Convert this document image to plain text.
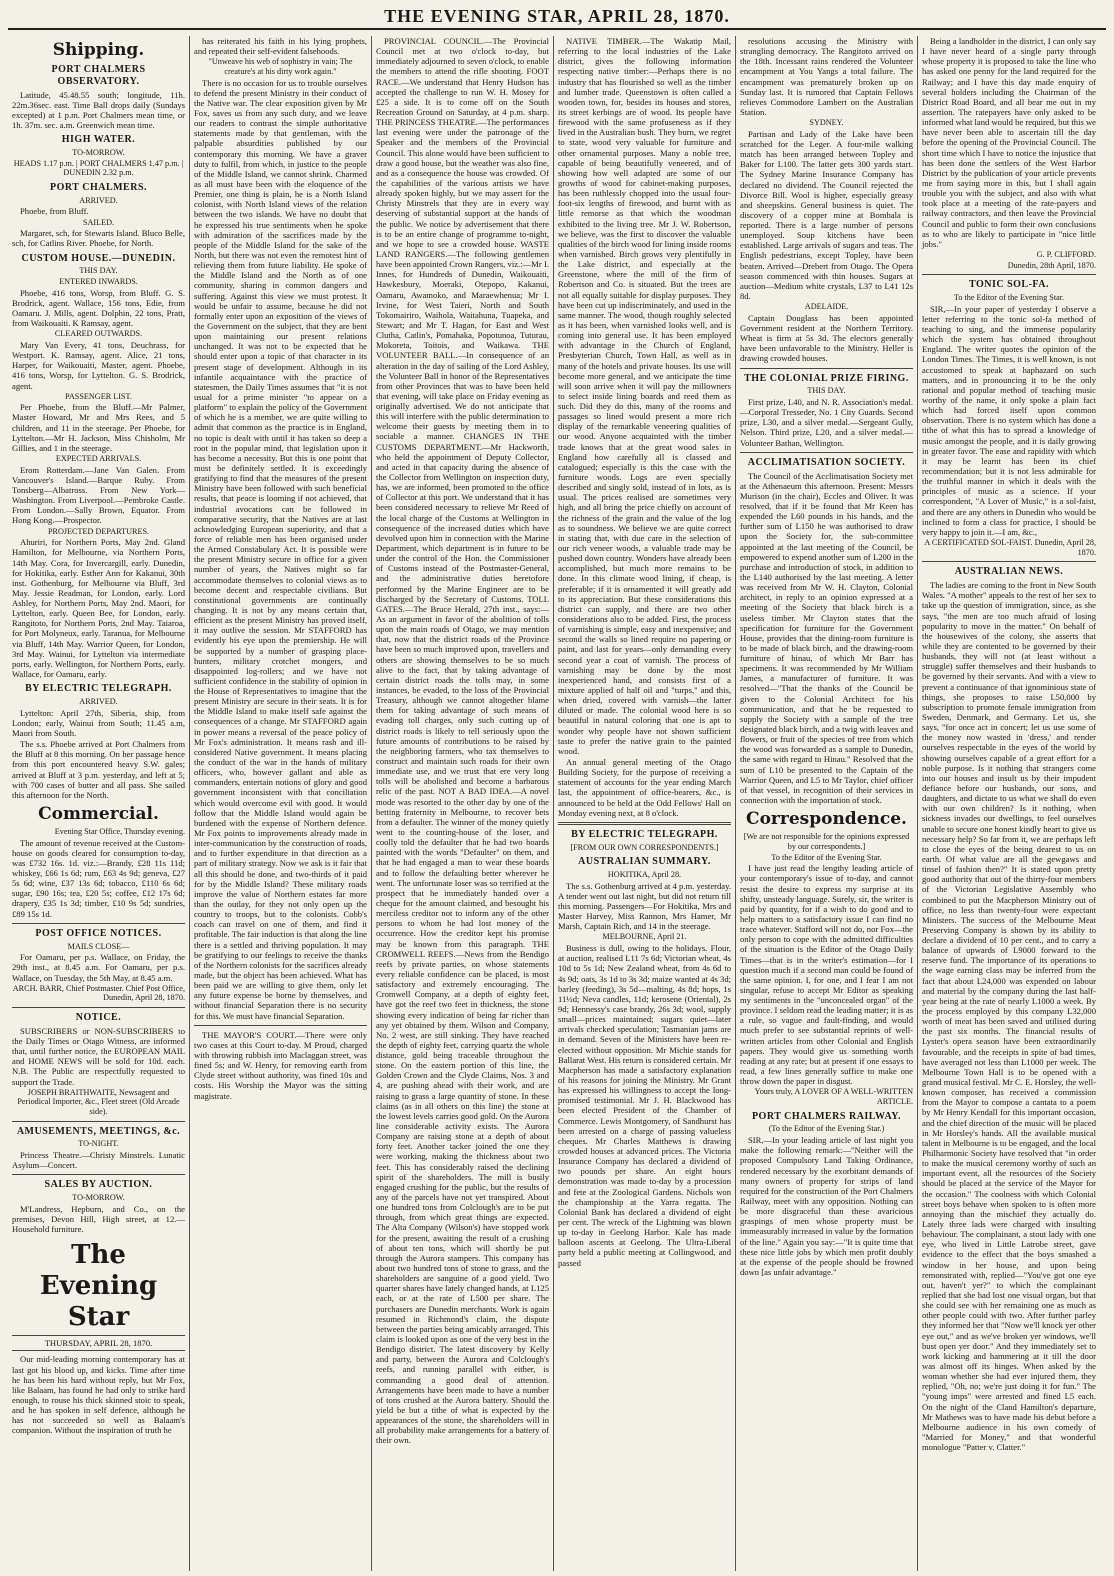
THE EVENING STAR, APRIL 28, 1870.
Shipping.
PORT CHALMERS OBSERVATORY.

Latitude, 45.48.55 south; longitude, 11h. 22m.36sec. east. Time Ball drops daily (Sundays excepted) at 1 p.m. Port Chalmers mean time, or 1h. 37m. sec. a.m. Greenwich mean time.

HIGH WATER.
TO-MORROW.
HEADS 1.17 p.m. | PORT CHALMERS 1.47 p.m. | DUNEDIN 2.32 p.m.
PORT CHALMERS.
ARRIVED.

Phoebe, from Bluff.

SAILED.

Margaret, sch, for Stewarts Island. Bluco Belle, sch, for Catlins River. Phoebe, for North.

CUSTOM HOUSE.—DUNEDIN.
THIS DAY.
ENTERED INWARDS.

Phoebe, 416 tons, Worsp, from Bluff. G. S. Brodrick, agent. Wallace, 156 tons, Edie, from Oamaru. J. Mills, agent. Dolphin, 22 tons, Pratt, from Waikouaiti. K Ramsay, agent.

CLEARED OUTWARDS.

Mary Van Every, 41 tons, Deuchrass, for Westport. K. Ramsay, agent. Alice, 21 tons, Harper, for Waikouaiti, Master, agent. Phoebe, 416 tons, Worsp, for Lyttelton. G. S. Brodrick, agent.

PASSENGER LIST.

Per Phoebe, from the Bluff.—Mr Palmer, Master Howard, Mr and Mrs Rees, and 5 children, and 11 in the steerage. Per Phoebe, for Lyttelton.—Mr H. Jackson, Miss Chisholm, Mr Gillies, and 1 in the steerage.

EXPECTED ARRIVALS.

Erom Rotterdam.—Jane Van Galen. From Vancouver's Island.—Barque Ruby. From Tonsberg—Albatross. From New York—Washington. From Liverpool.—Pembroke Castle. From London.—Sally Brown, Equator. From Hong Kong.—Prospector.

PROJECTED DEPARTURES.

Ahuriri, for Northern Ports, May 2nd. Gland Hamilton, for Melbourne, via Northern Ports, 14th May. Cora, for Invercargill, early. Dunedin, for Hokitika, early. Esther Ann for Kakanui, 30th inst. Gothenburg, for Melbourne via Bluff, 3rd May. Jessie Readman, for London, early. Lord Ashley, for Northern Ports, May 2nd. Maori, for Lyttelton, early. Queen Bee, for London, early. Rangitoto, for Northern Ports, 2nd May. Taiaroa, for Port Molyneux, early. Taranua, for Melbourne via Bluff, 14th May. Warrior Queen, for London, 3rd May. Wainui, for Lyttelton via intermediate ports, early. Wellington, for Northern Ports, early. Wallace, for Oamaru, early.

BY ELECTRIC TELEGRAPH.
ARRIVED.

Lyttelton: April 27th, Siberia, ship, from London; early, Wainui from South; 11.45 a.m, Maori from South.

The s.s. Phoebe arrived at Port Chalmers from the Bluff at 8 this morning. On her passage hence from this port encountered heavy S.W. gales; arrived at Bluff at 3 p.m. yesterday, and left at 5; with 700 cases of butter and all pass. She sailed this afternoon for the North.

Commercial.
Evening Star Office, Thursday evening.

The amount of revenue received at the Custom-house on goods cleared for consumption to-day, was £732 16s. 1d. viz.:—Brandy, £28 11s 11d; whiskey, £66 1s 6d; rum, £63 4s 9d; geneva, £27 5s 6d; wine, £37 13s 6d; tobacco, £110 6s 6d; sugar, £90 16s; tea, £20 5s; coffee, £12 17s 6d; drapery, £35 1s 3d; timber, £10 9s 5d; sundries, £89 15s 1d.

POST OFFICE NOTICES.
MAILS CLOSE—

For Oamaru, per p.s. Wallace, on Friday, the 29th inst., at 8.45 a.m. For Oamaru, per p.s. Wallace, on Tuesday, the 5th May, at 8.45 a.m.

ARCH. BARR, Chief Postmaster. Chief Post Office, Dunedin, April 28, 1870.
NOTICE.

SUBSCRIBERS or NON-SUBSCRIBERS to the Daily Times or Otago Witness, are informed that, until further notice, the EUROPEAN MAIL and HOME NEWS will be sold for 10d. each. N.B. The Public are respectfully requested to support the Trade.

JOSEPH BRAITHWAITE, Newsagent and Periodical Importer, &c., Fleet street (Old Arcade side).
AMUSEMENTS, MEETINGS, &c.
TO-NIGHT.

Princess Theatre.—Christy Minstrels. Lunatic Asylum—Concert.

SALES BY AUCTION.
TO-MORROW.

M'Landress, Hepburn, and Co., on the premises, Devon Hill, High street, at 12.—Household furniture.

The Evening Star
THURSDAY, APRIL 28, 1870.

Our mid-leading morning contemporary has at last got his blood up, and kicks. Time after time he has been his hard without reply, but Mr Fox, like Balaam, has found he had only to strike hard enough, to rouse his thick skinned stoic to speak, and he has spoken in self defence, although he has not succeeded so well as Balaam's companion. Without the inspiration of truth he

has reiterated his faith in his lying prophets, and repeated their self-evident falsehoods.

"Unweave his web of sophistry in vain; The creature's at his dirty work again."

There is no occasion for us to trouble ourselves to defend the present Ministry in their conduct of the Native war. The clear exposition given by Mr Fox, saves us from any such duty, and we leave our readers to contrast the simple authoritative statements made by that gentleman, with the palpable absurdities published by our contemporary this morning. We have a graver duty to fulfil, from which, in justice to the people of the Middle Island, we cannot shrink. Charmed as all must have been with the eloquence of the Premier, one thing is plain, he is a North Island colonist, with North Island views of the relation between the two islands. We have no doubt that he expressed his true sentiments when he spoke with admiration of the sacrifices made by the people of the Middle Island for the sake of the North, but there was not even the remotest hint of relieving them from future liability. He spoke of the Middle Island and the North as of one community, sharing in common dangers and suffering. Against this view we must protest. It would be unfair to assume, because he did not formally enter upon an exposition of the views of the Government on the subject, that they are bent upon maintaining our present relations unchanged. It was not to be expected that he should enter upon a topic of that character in its present stage of development. Although in its infantile acquaintance with the practice of statesmen, the Daily Times assumes that "it is not usual for a prime minister "to appear on a platform" to explain the policy of the Government of which he is a member, we are quite willing to admit that common as the practice is in England, no topic is dealt with until it has taken so deep a root in the popular mind, that legislation upon it has become a necessity. But this is one point that must be definitely settled. It is exceedingly gratifying to find that the measures of the present Ministry have been followed with such beneficial results, that peace is looming if not achieved, that industrial avocations can be followed in comparative security, that the Natives are at last acknowledging European superiority, and that a force of reliable men has been organised under the Armed Constabulary Act. It is possible were the present Ministry secure in office for a given number of years, the Natives might so far accommodate themselves to colonial views as to become decent and respectable civilians. But constitutional governments are continually changing. It is not by any means certain that, efficient as the present Ministry has proved itself, it may outlive the session. Mr STAFFORD has evidently his eye upon the premiership. He will be supported by a number of grasping place-hunters, military crotchet mongers, and disappointed log-rollers; and we have not sufficient confidence in the stability of opinion in the House of Representatives to imagine that the present Ministry are secure in their seats. It is for the Middle Island to make itself safe against the consequences of a change. Mr STAFFORD again in power means a reversal of the peace policy of Mr Fox's administration. It means rash and ill-considered Native government. It means placing the conduct of the war in the hands of military officers, who, however gallant and able as commanders, entertain notions of glory and good government inconsistent with that conciliation which would overcome evil with good. It would follow that the Middle Island would again be burdened with the expense of Northern defence. Mr Fox points to improvements already made in inter-communication by the construction of roads, and to further expenditure in that direction as a part of military strategy. Now we ask is it fair that all this should be done, and two-thirds of it paid for by the Middle Island? These military roads improve the value of Northern estates far more than the outlay, for they not only open up the country to troops, but to the colonists. Cobb's coach can travel on one of them, and find it profitable. The fair induction is that along the line there is a settled and thriving population. It may be gratifying to our feelings to receive the thanks of the Northern colonists for the sacrifices already made, but the object has been achieved. What has been paid we are willing to give them, only let any future expense be borne by themselves, and without financial Separation there is no security for this. We must have financial Separation.

THE MAYOR'S COURT.—There were only two cases at this Court to-day. M Proud, charged with throwing rubbish into Maclaggan street, was fined 5s; and W. Henry, for removing earth from Clyde street without authority, was fined 10s and costs. His Worship the Mayor was the sitting magistrate.

PROVINCIAL COUNCIL.—The Provincial Council met at two o'clock to-day, but immediately adjourned to seven o'clock, to enable the members to attend the rifle shooting. FOOT RACE.—We understand that Henry Hudson has accepted the challenge to run W. H. Mosey for £25 a side. It is to come off on the South Recreation Ground on Saturday, at 4 p.m. sharp. THE PRINCESS THEATRE.—The performances last evening were under the patronage of the Speaker and the members of the Provincial Council. This alone would have been sufficient to draw a good house, but the weather was also fine, and as a consequence the house was crowded. Of the capabilities of the various artists we have already spoken highly, but we may assert for the Christy Minstrels that they are in every way deserving of substantial support at the hands of the public. We notice by advertisement that there is to be an entire change of programme to-night, and we hope to see a crowded house. WASTE LAND RANGERS.—The following gentlemen have been appointed Crown Rangers, viz.:—Mr I. Innes, for Hundreds of Dunedin, Waikouaiti, Hawkesbury, Moeraki, Otepopo, Kakanui, Oamaru, Awamoko, and Maraewhenua; Mr I. Irvine, for West Taieri, North and South Tokomairiro, Waihola, Waitahuna, Tuapeka, and Stewart; and Mr T. Hagan, for East and West Clutha, Catlin's, Pomahaka, Popotunoa, Tuturau, Mokoreta, Toitois, and Waikawa. THE VOLUNTEER BALL.—In consequence of an alteration in the day of sailing of the Lord Ashley, the Volunteer Ball in honor of the Representatives from other Provinces that was to have been held that evening, will take place on Friday evening as originally advertised. We do not anticipate that this will interfere with the public determination to welcome their guests by meeting them in to sociable a manner. CHANGES IN THE CUSTOMS DEPARTMENT.—Mr Hackworth, who held the appointment of Deputy Collector, and acted in that capacity during the absence of the Collector from Wellington on inspection duty, has, we are informed, been promoted to the office of Collector at this port. We understand that it has been considered necessary to relieve Mr Reed of the local charge of the Customs at Wellington in consequence of the increased duties which have devolved upon him in connection with the Marine Department, which department is in future to be under the control of the Hon. the Commissioner of Customs instead of the Postmaster-General, and the administrative duties heretofore performed by the Marine Engineer are to be discharged by the Secretary of Customs. TOLL GATES.—The Bruce Herald, 27th inst., says:—As an argument in favor of the abolition of tolls upon the main roads of Otago, we may mention that, now that the district roads of the Province have been so much improved upon, travellers and others are showing themselves to be so much alive to the fact, that by taking advantage of certain district roads the tolls may, in some instances, be evaded, to the loss of the Provincial Treasury, although we cannot altogether blame them for taking advantage of such means of evading toll charges, only such cutting up of district roads is likely to tell seriously upon the future amounts of contributions to be raised by the neighboring farmers, who tax themselves to construct and maintain such roads for their own immediate use, and we trust that ere very long tolls will be abolished and become a barbarous relic of the past. NOT A BAD IDEA.—A novel mode was resorted to the other day by one of the betting fraternity in Melbourne, to recover bets from a defaulter. The winner of the money quietly went to the counting-house of the loser, and coolly told the defaulter that he had two boards painted with the words "Defaulter" on them, and that he had engaged a man to wear these boards and to follow the defaulting better wherever he went. The unfortunate loser was so terrified at the prospect that he immediately handed over a cheque for the amount claimed, and besought his merciless creditor not to inform any of the other persons to whom he had lost money of the occurrence. How the creditor kept his promise may be known from this paragraph. THE CROMWELL REEFS.—News from the Bendigo reefs by private parties, on whose statements every reliable confidence can be placed, is most satisfactory and extremely encouraging. The Cromwell Company, at a depth of eighty feet, have got the reef two feet in thickness, the stone showing every indication of being far richer than any yet obtained by them. Wilson and Company, No. 2 west, are still sinking. They have reached the depth of eighty feet, carrying quartz the whole distance, gold being traceable throughout the stone. On the eastern portion of this line, the Golden Crown and the Clyde Claims, Nos. 3 and 4, are pushing ahead with their work, and are raising to grass a large quantity of stone. In these claims (as in all others on this line) the stone at the lowest levels carries good gold. On the Aurora line considerable activity exists. The Aurora Company are raising stone at a depth of about forty feet. Another tacker joined the one they were working, making the thickness about two feet. This has considerably raised the declining spirit of the shareholders. The mill is busily engaged crushing for the public, but the results of any of the parcels have not yet transpired. About one hundred tons from Colclough's are to be put through, from which great things are expected. The Alta Company (Wilson's) have stopped work for the present, awaiting the result of a crushing of about ten tons, which will shortly be put through the Aurora stampers. This company has about two hundred tons of stone to grass, and the shareholders are sanguine of a good yield. Two quarter shares have lately changed hands, at L125 each, or at the rate of L500 per share. The purchasers are Dunedin merchants. Work is again resumed in Richmond's claim, the dispute between the parties being amicably arranged. This claim is looked upon as one of the very best in the Bendigo district. The latest discovery by Kelly and party, between the Aurora and Colclough's reefs, and running parallel with either, is commanding a good deal of attention. Arrangements have been made to have a number of tons crushed at the Aurora battery. Should the yield be but a tithe of what is expected by the appearances of the stone, the shareholders will in all probability make arrangements for a battery of their own.

NATIVE TIMBER.—The Wakatip Mail, referring to the local industries of the Lake district, gives the following information respecting native timber:—Perhaps there is no industry that has flourished so well as the timber and lumber trade. Queenstown is often called a wooden town, for, besides its houses and stores, its street kerbings are of wood. Its people have firewood with the same profuseness as if they lived in the Australian bush. They burn, we regret to state, wood very valuable for furniture and other ornamental purposes. Many a noble tree, capable of being beautifully veneered, and of showing how well adapted are some of our growths of wood for cabinet-making purposes, has been ruthlessly chopped into the usual four-foot-six lengths of firewood, and burnt with as little remorse as that which the woodman exhibited to the living tree. Mr J. W. Robertson, we believe, was the first to discover the valuable qualities of the birch wood for lining inside rooms when varnished. Birch grows very plentifully in the Lake district, and especially at the Greenstone, where the mill of the firm of Robertson and Co. is situated. But the trees are not all equally suitable for display purposes. They have been cut up indiscriminately, and used in the same manner. The wood, though roughly selected as it has been, when varnished looks well, and is coming into general use. It has been employed with advantage in the Church of England, Presbyterian Church, Town Hall, as well as in many of the hotels and private houses. Its use will become more general, and we anticipate the time will soon arrive when it will pay the millowners to select inside lining boards and reed them as such. Did they do this, many of the rooms and passages so lined would present a more rich display of the remarkable veneering qualities of our wood. Anyone acquainted with the timber trade knows that at the great wood sales in England how carefully all is classed and catalogued; especially is this the case with the furniture woods. Logs are even specially described and singly sold, instead of in lots, as is usual. The prices realised are sometimes very high, and all bring the price chiefly on account of the richness of the grain and the value of the log as to soundness. We believe we are quite correct in stating that, with due care in the selection of our rich veneer woods, a valuable trade may be pushed down country. Wonders have already been accomplished, but much more remains to be done. In this climate wood lining, if cheap, is preferable; if it is ornamented it will greatly add to its appreciation. But these considerations this district can supply, and there are two other considerations also to be added. First, the process of varnishing is simple, easy and inexpensive; and second the walls so lined require no papering or paint, and last for years—only demanding every second year a coat of varnish. The process of varnishing may be done by the most inexperienced hand, and consists first of a mixture applied of half oil and "turps," and this, when dried, covered with varnish—the latter diluted or made. The colonial wood here is so beautiful in natural coloring that one is apt to wonder why people have not shown sufficient taste to prefer the native grain to the painted wood.

An annual general meeting of the Otago Building Society, for the purpose of receiving a statement of accounts for the year ending March last, the appointment of office-bearers, &c., is announced to be held at the Odd Fellows' Hall on Monday evening next, at 8 o'clock.

BY ELECTRIC TELEGRAPH.
[FROM OUR OWN CORRESPONDENTS.]
AUSTRALIAN SUMMARY.
HOKITIKA, April 28.

The s.s. Gothenburg arrived at 4 p.m. yesterday. A tender went out last night, but did not return till this morning. Passengers—For Hokitika, Mrs and Master Harvey, Miss Rannon, Mrs Hamer, Mr Marsh, Captain Rich, and 14 in the steerage.

MELBOURNE, April 21.

Business is dull, owing to the holidays. Flour, at auction, realised L11 7s 6d; Victorian wheat, 4s 10d to 5s 1d; New Zealand wheat, from 4s 6d to 4s 9d; oats, 3s 1d to 3s 3d; maize wanted at 4s 3d; barley (feeding), 3s 5d—malting, 4s 8d; hops, 1s 11½d; Neva candles, 11d; kerosene (Oriental), 2s 9d; Hennessy's case brandy, 26s 3d; wool, supply small—prices maintained; sugars quiet—later arrivals checked speculation; Tasmanian jams are in demand. Seven of the Ministers have been re-elected without opposition. Mr Michie stands for Ballarat West. His return is considered certain. Mr Macpherson has made a satisfactory explanation of his reasons for joining the Ministry. Mr Grant has expressed his willingness to accept the long-promised testimonial. Mr J. H. Blackwood has been elected President of the Chamber of Commerce. Lewis Montgomery, of Sandhurst has been arrested on a charge of passing valueless cheques. Mr Charles Matthews is drawing crowded houses at advanced prices. The Victoria Insurance Company has declared a dividend of two pounds per share. An eight hours demonstration was made to-day by a procession and fete at the Zoological Gardens. Nichols won the championship at the Yarra regatta. The Colonial Bank has declared a dividend of eight per cent. The wreck of the Lightning was blown up to-day in Geelong Harbor. Kale has made balloon ascents at Geelong. The Ultra-Liberal party held a public meeting at Collingwood, and passed

resolutions accusing the Ministry with strangling democracy. The Rangitoto arrived on the 18th. Incessant rains rendered the Volunteer encampment at You Yangs a total failure. The encampment was prematurely broken up on Sunday last. It is rumored that Captain Fellows relieves Commodore Lambert on the Australian Station.

SYDNEY.

Partisan and Lady of the Lake have been scratched for the Leger. A four-mile walking match has been arranged between Topley and Baker for L100. The latter gets 300 yards start. The Sydney Marine Insurance Company has declared no dividend. The Council rejected the Divorce Bill. Wool is higher, especially greasy and sheepskins. General business is quiet. The discovery of a copper mine at Bombala is reported. There is a large number of persons unemployed. Soup kitchens have been established. Large arrivals of sugars and teas. The English pedestrians, except Topley, have been beaten. Arrived—Drebert from Otago. The Opera season commenced with thin houses. Sugars at auction—Medium white crystals, L37 to L41 12s 8d.

ADELAIDE.

Captain Douglass has been appointed Government resident at the Northern Territory. Wheat is firm at 5s 3d. The electors generally have been unfavorable to the Ministry. Heller is drawing crowded houses.

THE COLONIAL PRIZE FIRING.
THIS DAY.

First prize, L40, and N. R. Association's medal.—Corporal Tresseder, No. 1 City Guards. Second prize, L30, and a silver medal.—Sergeant Gully, Nelson. Third prize, L20, and a silver medal.—Volunteer Bathan, Wellington.

ACCLIMATISATION SOCIETY.

The Council of the Acclimatisation Society met at the Athenaeum this afternoon. Present: Messrs Murison (in the chair), Eccles and Oliver. It was resolved, that if it be found that Mr Keen has expended the L60 pounds in his hands, and the further sum of L150 he was authorised to draw upon the Society for, the sub-committee appointed at the last meeting of the Council, be empowered to expend another sum of L200 in the purchase and introduction of stock, in addition to the L140 authorised by the last meeting. A letter was received from Mr W. H. Clayton, Colonial architect, in reply to an opinion expressed at a meeting of the Society that black birch is a useless timber. Mr Clayton states that the specification for furniture for the Government House, provides that the dining-room furniture is to be made of black birch, and the drawing-room furniture of hinau, of which Mr Barr has specimens. It was recommended by Mr William James, a manufacturer of furniture. It was resolved—"That the thanks of the Council be given to the Colonial Architect for his communication, and that he be requested to supply the Society with a sample of the tree designated black birch, and a twig with leaves and flowers, or fruit of the species of tree from which the wood was forwarded as a sample to Dunedin, the same with regard to Hinau." Resolved that the sum of L10 be presented to the Captain of the Warrior Queen, and L5 to Mr Taylor, chief officer of that vessel, in recognition of their services in connection with the importation of stock.

Correspondence.
[We are not responsible for the opinions expressed by our correspondents.]
To the Editor of the Evening Star.

I have just read the lengthy leading article of your contemporary's issue of to-day, and cannot resist the desire to express my surprise at its shifty, unsteady language. Surely, sir, the writer is paid by quantity, for if a wish to do good and to help matters to a satisfactory issue I can find no trace whatever. Stafford will not do, nor Fox—the only person to cope with the admitted difficulties of the situation is the Editor of the Otago Daily Times—that is in the writer's estimation—for I question much if a second man could be found of the same opinion. I, for one, and I fear I am not singular, refuse to accept Mr Editor as speaking my sentiments in the "unconcealed organ" of the province. I seldom read the leading matter; it is as a rule, so vague and fault-finding, and would much prefer to see substantial reprints of well-written articles from other Colonial and English papers. They would give us something worth reading at any rate; but at present if one essays to read, a few lines generally suffice to make one throw down the paper in disgust.

Yours truly, A LOVER OF A WELL-WRITTEN ARTICLE.
PORT CHALMERS RAILWAY.
(To the Editor of the Evening Star.)

SIR,—In your leading article of last night you make the following remark:—"Neither will the proposed Compulsory Land Taking Ordinance, rendered necessary by the exorbitant demands of many owners of property for strips of land required for the construction of the Port Chalmers Railway, meet with any opposition. Nothing can be more disgraceful than these avaricious graspings of men whose property must be immeasurably increased in value by the formation of the line." Again you say:—"It is quite time that these nice little jobs by which men profit doubly at the expense of the people should be frowned down [as unfair advantage."

Being a landholder in the district, I can only say I have never heard of a single party through whose property it is proposed to take the line who has asked one penny for the land required for the Railway; and I have this day made enquiry of several holders including the Chairman of the District Road Board, and all bear me out in my assertion. The ratepayers have only asked to be informed what land would be required, but this we have never been able to ascertain till the day before the opening of the Provincial Council. The short time which I have to notice the injustice that has been done the settlers of the West Harbor District by the publication of your article prevents me from saying more in this, but I shall again trouble you with the subject, and also with what took place at a meeting of the rate-payers and railway contractors, and then leave the Provincial Council and public to form their own conclusions as to who are likely to participate in "nice little jobs."

G. P. CLIFFORD.
Dunedin, 28th April, 1870.
TONIC SOL-FA.
To the Editor of the Evening Star.

SIR,—In your paper of yesterday I observe a letter referring to the tonic sol-fa method of teaching to sing, and the immense popularity which the system has obtained throughout England. The writer quotes the opinion of the London Times. The Times, it is well known, is not accustomed to speak at haphazard on such matters, and in pronouncing it to be the only rational and popular method of teaching music worthy of the name, it only spoke a plain fact which had forced itself upon common observation. There is no system which has done a tithe of what this has to spread a knowledge of music amongst the people, and it is daily growing in greater favor. The ease and rapidity with which it may be learnt has been its chief recommendation; but it is not less admirable for the truthful manner in which it deals with the principles of music as a science. If your correspondent, "A Lover of Music," is a sol-faist, and there are any others in Dunedin who would be inclined to form a class for practice, I should be very happy to join it.—I am, &c.,

A CERTIFICATED SOL-FAIST. Dunedin, April 28, 1870.
AUSTRALIAN NEWS.

The ladies are coming to the front in New South Wales. "A mother" appeals to the rest of her sex to take up the question of immigration, since, as she says, "the men are too much afraid of losing popularity to move in the matter." On behalf of the housewives of the colony, she asserts that while they are contented to be governed by their husbands, they will not (at least without a struggle) suffer themselves and their husbands to be governed by their servants. And with a view to prevent a continuance of that ignominious state of things, she proposes to raise L50,000 by subscription to promote female immigration from Sweden, Denmark, and Germany. Let us, she says, "for once act in concert; let us use some of the money now wasted in 'dress,' and render ourselves respectable in the eyes of the world by showing ourselves capable of a great effort for a noble purpose. Is it nothing that strangers come into our houses and insult us by their impudent defiance before our husbands, our sons, and daughters, and dictate to us what we shall do even with our own children? Is it nothing, when sickness invades our dwellings, to feel ourselves unable to secure one honest kindly heart to give us necessary help? So far from it, we are perhaps left to close the eyes of the being dearest to us on earth. Of what value are all the gewgaws and tinsel of fashion then?" It is stated upon pretty good authority that out of the thirty-four members of the Victorian Legislative Assembly who combined to put the Macpherson Ministry out of office, no less than twenty-four were expectant Ministers. The success of the Melbourne Meat Preserving Company is shown by its ability to declare a dividend of 10 per cent., and to carry a balance of upwards of L9000 forward to the reserve fund. The importance of its operations to the wage earning class may be inferred from the fact that about L24,000 was expended on labour and material by the company during the last half-year being at the rate of nearly L1000 a week. By the process employed by this company L32,000 worth of meat has been saved and utilised during the past six months. The financial results of Lyster's opera season have been extraordinarily favourable, and the receipts in spite of bad times, have averaged not less than L1000 per week. The Melbourne Town Hall is to be opened with a grand musical festival. Mr C. E. Horsley, the well-known composer, has received a commission from the Mayor to compose a cantata to a poem by Mr Henry Kendall for this important occasion, and the chief direction of the music will be placed in Mr Horsley's hands. All the available musical talent in Melbourne is to be engaged, and the local Philharmonic Society have resolved that "in order to make the musical ceremony worthy of such an important event, all the resources of the Society should be placed at the service of the Mayor for the occasion." The coolness with which Colonial street boys behave when spoken to is often more annoying than the mischief they actually do. Lately three lads were charged with insulting behaviour. The complainant, a stout lady with one eye, who lived in Little Latrobe street, gave evidence to the effect that the boys smashed a window in her house, and upon being remonstrated with, replied—"You've got one eye out, haven't yer?" to which the complainant replied that she had lost one visual organ, but that she could see with her remaining one as much as other people could with two. After further parley they informed her that "Now we'll knock yer other eye out," and as we've broken yer windows, we'll bust open yer door." And they immediately set to work kicking and hammering at it till the door was almost off its hinges. When asked by the woman whether she had ever injured them, they replied, "Oh, no; we're just doing it for fun." The "young imps" were arrested and fined L5 each. On the night of the Cland Hamilton's departure, Mr Mathews was to have made his debut before a Melbourne audience in his own comedy of "Married for Money," and that wonderful monologue "Patter v. Clatter."
